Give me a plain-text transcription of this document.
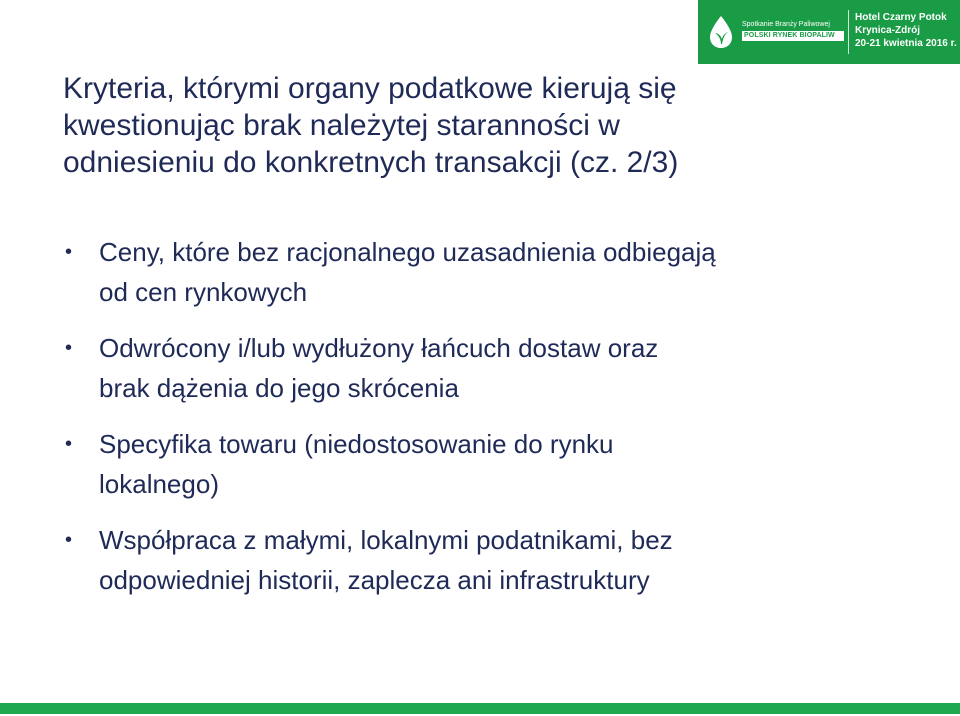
Spotkanie Branży Paliwowej
POLSKI RYNEK BIOPALIW
Hotel Czarny Potok
Krynica-Zdrój
20-21 kwietnia 2016 r.
Kryteria, którymi organy podatkowe kierują się
kwestionując brak należytej staranności w
odniesieniu do konkretnych transakcji (cz. 2/3)
• Ceny, które bez racjonalnego uzasadnienia odbiegają
od cen rynkowych
• Odwrócony i/lub wydłużony łańcuch dostaw oraz
brak dążenia do jego skrócenia
• Specyfika towaru (niedostosowanie do rynku
lokalnego)
• Współpraca z małymi, lokalnymi podatnikami, bez
odpowiedniej historii, zaplecza ani infrastruktury
